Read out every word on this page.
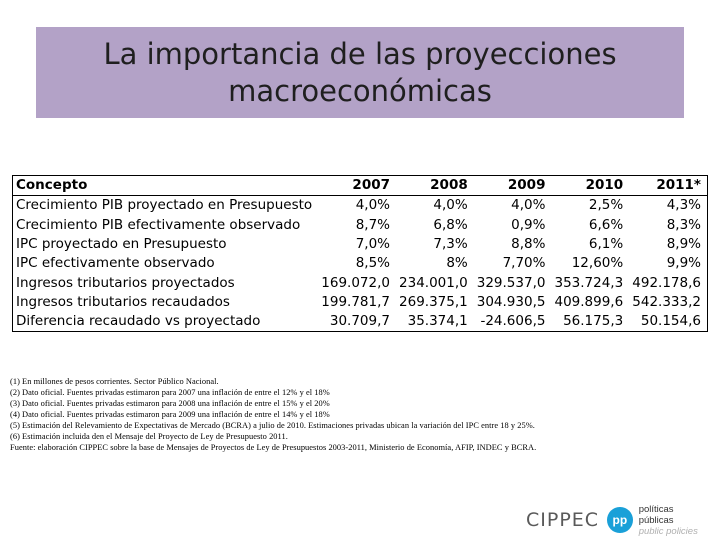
La importancia de las proyecciones
macroeconómicas
Concepto	2007	2008	2009	2010	2011*
Crecimiento PIB proyectado en Presupuesto	4,0%	4,0%	4,0%	2,5%	4,3%
Crecimiento PIB efectivamente observado	8,7%	6,8%	0,9%	6,6%	8,3%
IPC proyectado en Presupuesto	7,0%	7,3%	8,8%	6,1%	8,9%
IPC efectivamente observado	8,5%	8%	7,70%	12,60%	9,9%
Ingresos tributarios proyectados	169.072,0	234.001,0	329.537,0	353.724,3	492.178,6
Ingresos tributarios recaudados	199.781,7	269.375,1	304.930,5	409.899,6	542.333,2
Diferencia recaudado vs proyectado	30.709,7	35.374,1	-24.606,5	56.175,3	50.154,6
(1) En millones de pesos corrientes. Sector Público Nacional.
(2) Dato oficial. Fuentes privadas estimaron para 2007 una inflación de entre el 12% y el 18%
(3) Dato oficial. Fuentes privadas estimaron para 2008 una inflación de entre el 15% y el 20%
(4) Dato oficial. Fuentes privadas estimaron para 2009 una inflación de entre el 14% y el 18%
(5) Estimación del Relevamiento de Expectativas de Mercado (BCRA) a julio de 2010. Estimaciones privadas ubican la variación del IPC entre 18 y 25%.
(6) Estimación incluida den el Mensaje del Proyecto de Ley de Presupuesto 2011.
Fuente: elaboración CIPPEC sobre la base de Mensajes de Proyectos de Ley de Presupuestos 2003-2011, Ministerio de Economía, AFIP, INDEC y BCRA.
CIPPEC	pp
políticas públicas
public policies
